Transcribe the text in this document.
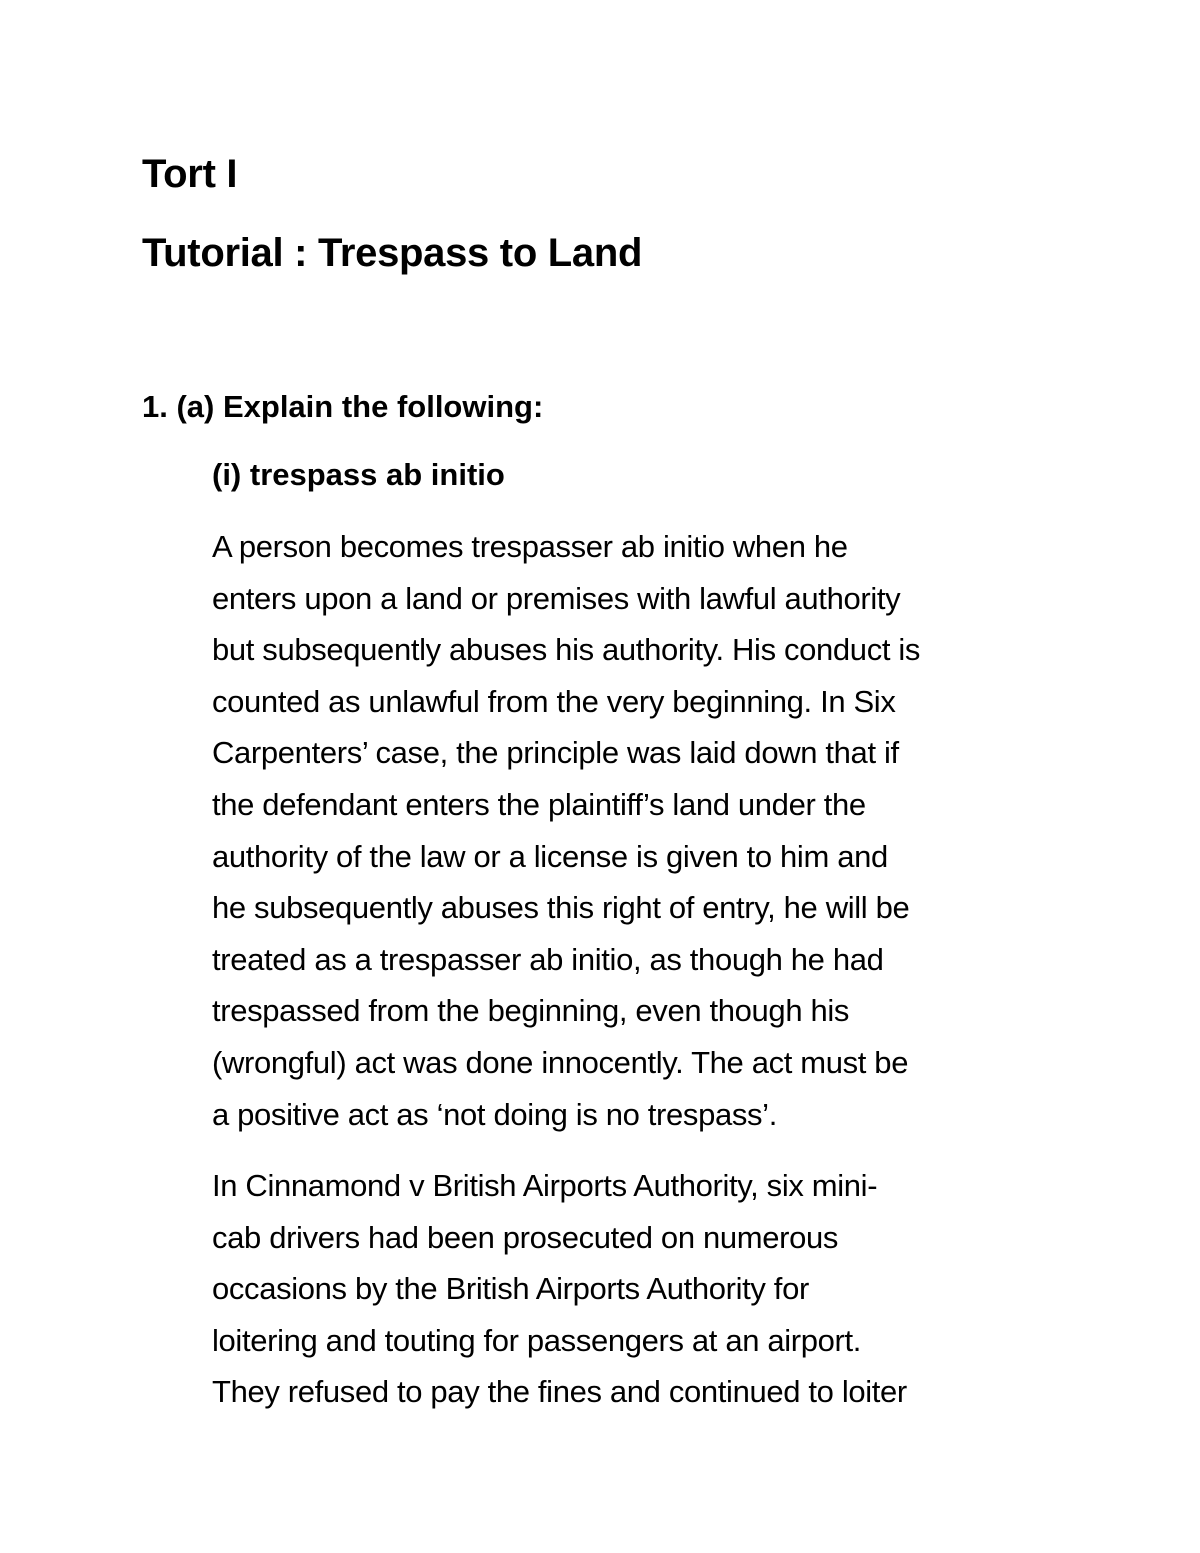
Tort I
Tutorial : Trespass to Land
1. (a) Explain the following:
(i) trespass ab initio
A person becomes trespasser ab initio when he
enters upon a land or premises with lawful authority
but subsequently abuses his authority. His conduct is
counted as unlawful from the very beginning. In Six
Carpenters’ case, the principle was laid down that if
the defendant enters the plaintiff’s land under the
authority of the law or a license is given to him and
he subsequently abuses this right of entry, he will be
treated as a trespasser ab initio, as though he had
trespassed from the beginning, even though his
(wrongful) act was done innocently. The act must be
a positive act as ‘not doing is no trespass’.
In Cinnamond v British Airports Authority, six mini-
cab drivers had been prosecuted on numerous
occasions by the British Airports Authority for
loitering and touting for passengers at an airport.
They refused to pay the fines and continued to loiter
